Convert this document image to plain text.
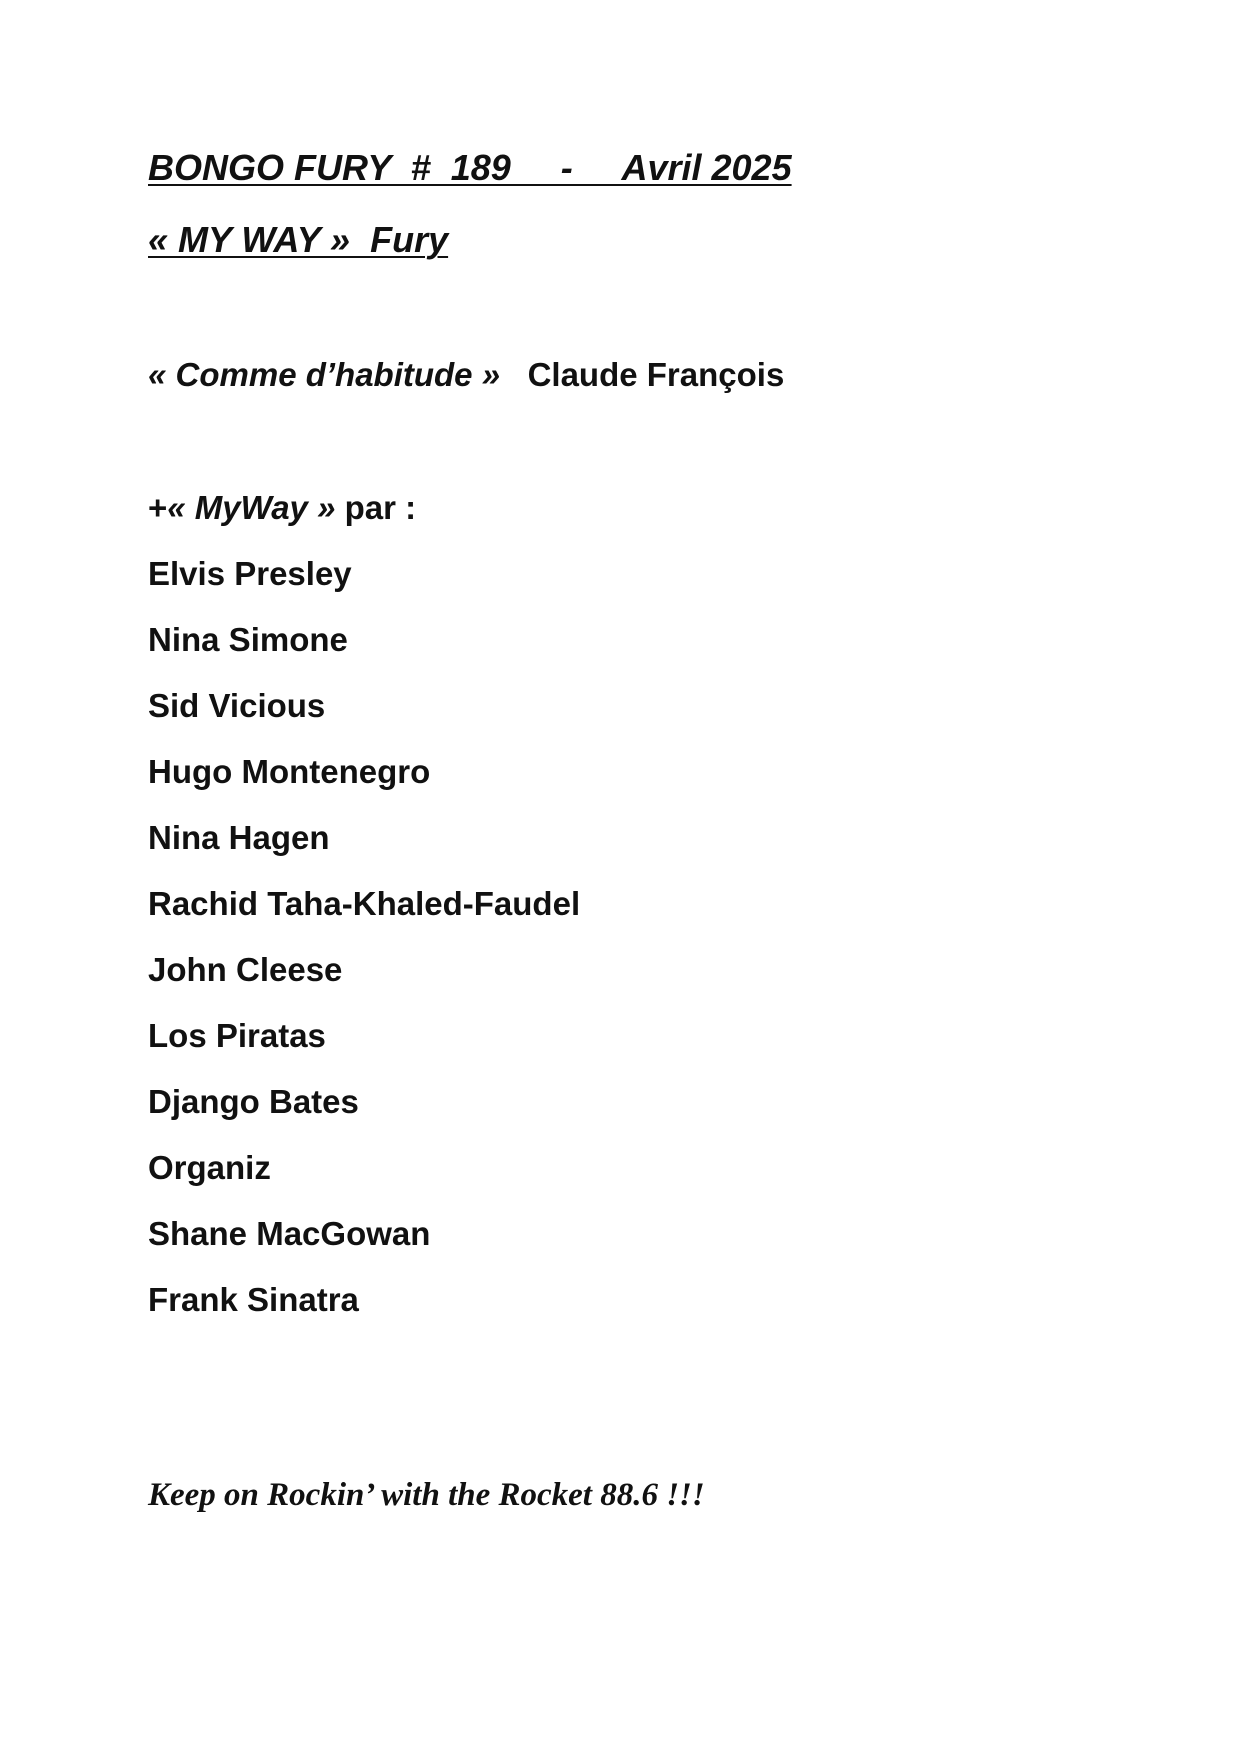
BONGO FURY  #  189     -     Avril 2025
« MY WAY »  Fury
« Comme d’habitude » Claude François
+« MyWay » par :
Elvis Presley
Nina Simone
Sid Vicious
Hugo Montenegro
Nina Hagen
Rachid Taha-Khaled-Faudel
John Cleese
Los Piratas
Django Bates
Organiz
Shane MacGowan
Frank Sinatra
Keep on Rockin’ with the Rocket 88.6 !!!
